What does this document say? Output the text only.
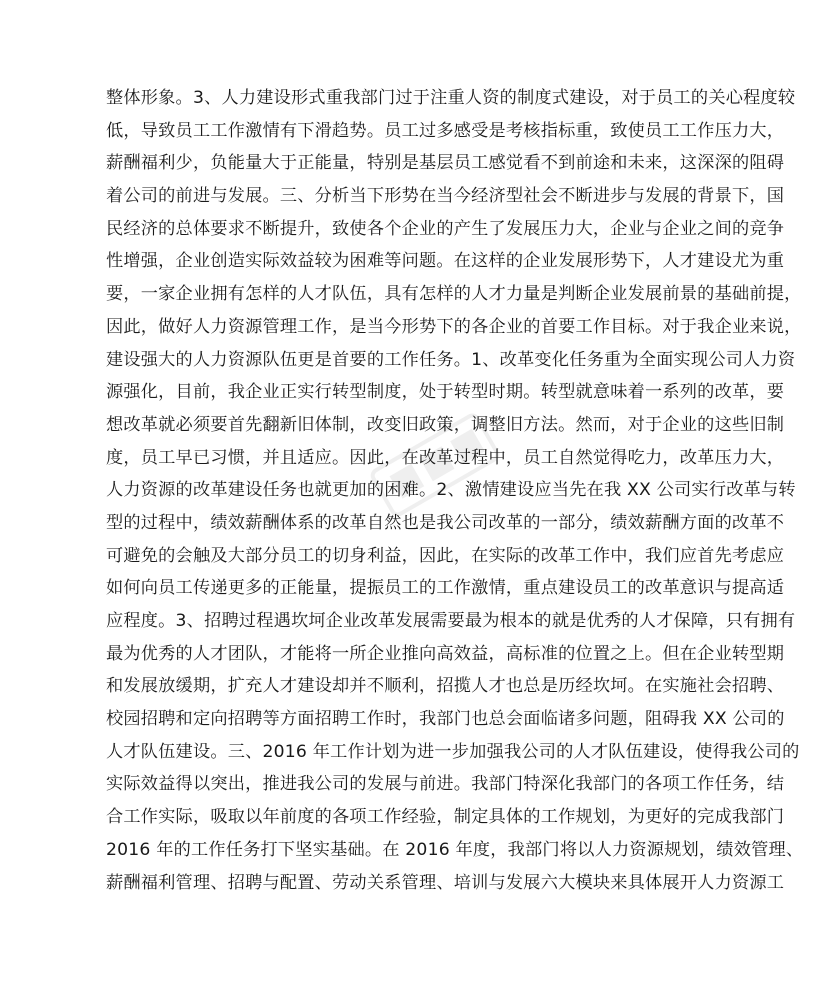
整体形象。3、人力建设形式重我部门过于注重人资的制度式建设，对于员工的关心程度较
低，导致员工工作激情有下滑趋势。员工过多感受是考核指标重，致使员工工作压力大，
薪酬福利少，负能量大于正能量，特别是基层员工感觉看不到前途和未来，这深深的阻碍
着公司的前进与发展。三、分析当下形势在当今经济型社会不断进步与发展的背景下，国
民经济的总体要求不断提升，致使各个企业的产生了发展压力大，企业与企业之间的竞争
性增强，企业创造实际效益较为困难等问题。在这样的企业发展形势下，人才建设尤为重
要，一家企业拥有怎样的人才队伍，具有怎样的人才力量是判断企业发展前景的基础前提，
因此，做好人力资源管理工作，是当今形势下的各企业的首要工作目标。对于我企业来说，
建设强大的人力资源队伍更是首要的工作任务。1、改革变化任务重为全面实现公司人力资
源强化，目前，我企业正实行转型制度，处于转型时期。转型就意味着一系列的改革，要
想改革就必须要首先翻新旧体制，改变旧政策，调整旧方法。然而，对于企业的这些旧制
度，员工早已习惯，并且适应。因此，在改革过程中，员工自然觉得吃力，改革压力大，
人力资源的改革建设任务也就更加的困难。2、激情建设应当先在我 XX 公司实行改革与转
型的过程中，绩效薪酬体系的改革自然也是我公司改革的一部分，绩效薪酬方面的改革不
可避免的会触及大部分员工的切身利益，因此，在实际的改革工作中，我们应首先考虑应
如何向员工传递更多的正能量，提振员工的工作激情，重点建设员工的改革意识与提高适
应程度。3、招聘过程遇坎坷企业改革发展需要最为根本的就是优秀的人才保障，只有拥有
最为优秀的人才团队，才能将一所企业推向高效益，高标准的位置之上。但在企业转型期
和发展放缓期，扩充人才建设却并不顺利，招揽人才也总是历经坎坷。在实施社会招聘、
校园招聘和定向招聘等方面招聘工作时，我部门也总会面临诸多问题，阻碍我 XX 公司的
人才队伍建设。三、2016 年工作计划为进一步加强我公司的人才队伍建设，使得我公司的
实际效益得以突出，推进我公司的发展与前进。我部门特深化我部门的各项工作任务，结
合工作实际，吸取以年前度的各项工作经验，制定具体的工作规划，为更好的完成我部门
2016 年的工作任务打下坚实基础。在 2016 年度，我部门将以人力资源规划，绩效管理、
薪酬福利管理、招聘与配置、劳动关系管理、培训与发展六大模块来具体展开人力资源工
